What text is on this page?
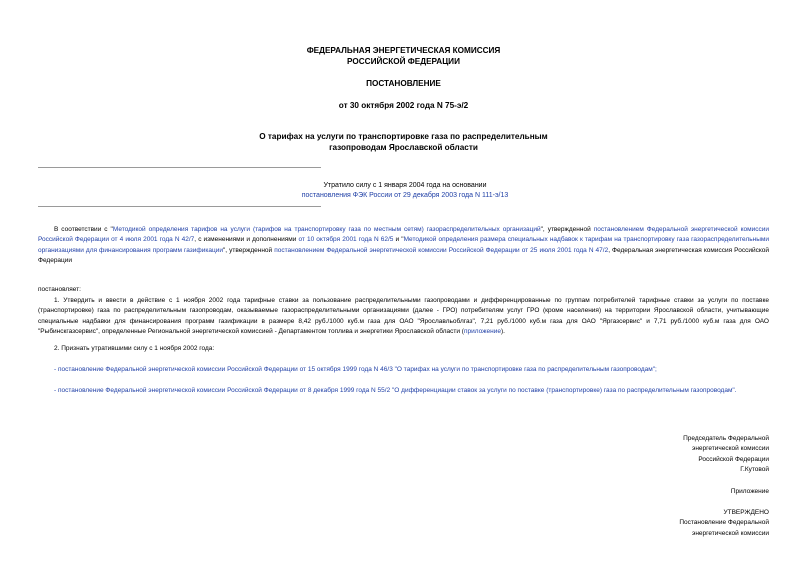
ФЕДЕРАЛЬНАЯ ЭНЕРГЕТИЧЕСКАЯ КОМИССИЯ
РОССИЙСКОЙ ФЕДЕРАЦИИ
ПОСТАНОВЛЕНИЕ
от 30 октября 2002 года N 75-э/2
О тарифах на услуги по транспортировке газа по распределительным
газопроводам Ярославской области
Утратило силу с 1 января 2004 года на основании
постановления ФЭК России от 29 декабря 2003 года N 111-э/13
В соответствии с "Методикой определения тарифов на услуги (тарифов на транспортировку газа по местным сетям) газораспределительных организаций", утвержденной постановлением Федеральной энергетической комиссии Российской Федерации от 4 июля 2001 года N 42/7, с изменениями и дополнениями от 10 октября 2001 года N 62/5 и "Методикой определения размера специальных надбавок к тарифам на транспортировку газа газораспределительными организациями для финансирования программ газификации", утвержденной постановлением Федеральной энергетической комиссии Российской Федерации от 25 июля 2001 года N 47/2, Федеральная энергетическая комиссия Российской Федерации
постановляет:
1. Утвердить и ввести в действие с 1 ноября 2002 года тарифные ставки за пользование распределительными газопроводами и дифференцированные по группам потребителей тарифные ставки за услуги по поставке (транспортировке) газа по распределительным газопроводам, оказываемые газораспределительными организациями (далее - ГРО) потребителям услуг ГРО (кроме населения) на территории Ярославской области, учитывающие специальные надбавки для финансирования программ газификации в размере 8,42 руб./1000 куб.м газа для ОАО "Ярославльоблгаз", 7,21 руб./1000 куб.м газа для ОАО "Яргазсервис" и 7,71 руб./1000 куб.м газа для ОАО "Рыбинскгазсервис", определенные Региональной энергетической комиссией - Департаментом топлива и энергетики Ярославской области (приложение).
2. Признать утратившими силу с 1 ноября 2002 года:
- постановление Федеральной энергетической комиссии Российской Федерации от 15 октября 1999 года N 46/3 "О тарифах на услуги по транспортировке газа по распределительным газопроводам";
- постановление Федеральной энергетической комиссии Российской Федерации от 8 декабря 1999 года N 55/2 "О дифференциации ставок за услуги по поставке (транспортировке) газа по распределительным газопроводам".
Председатель Федеральной
энергетической комиссии
Российской Федерации
Г.Кутовой
Приложение
УТВЕРЖДЕНО
Постановление Федеральной
энергетической комиссии
